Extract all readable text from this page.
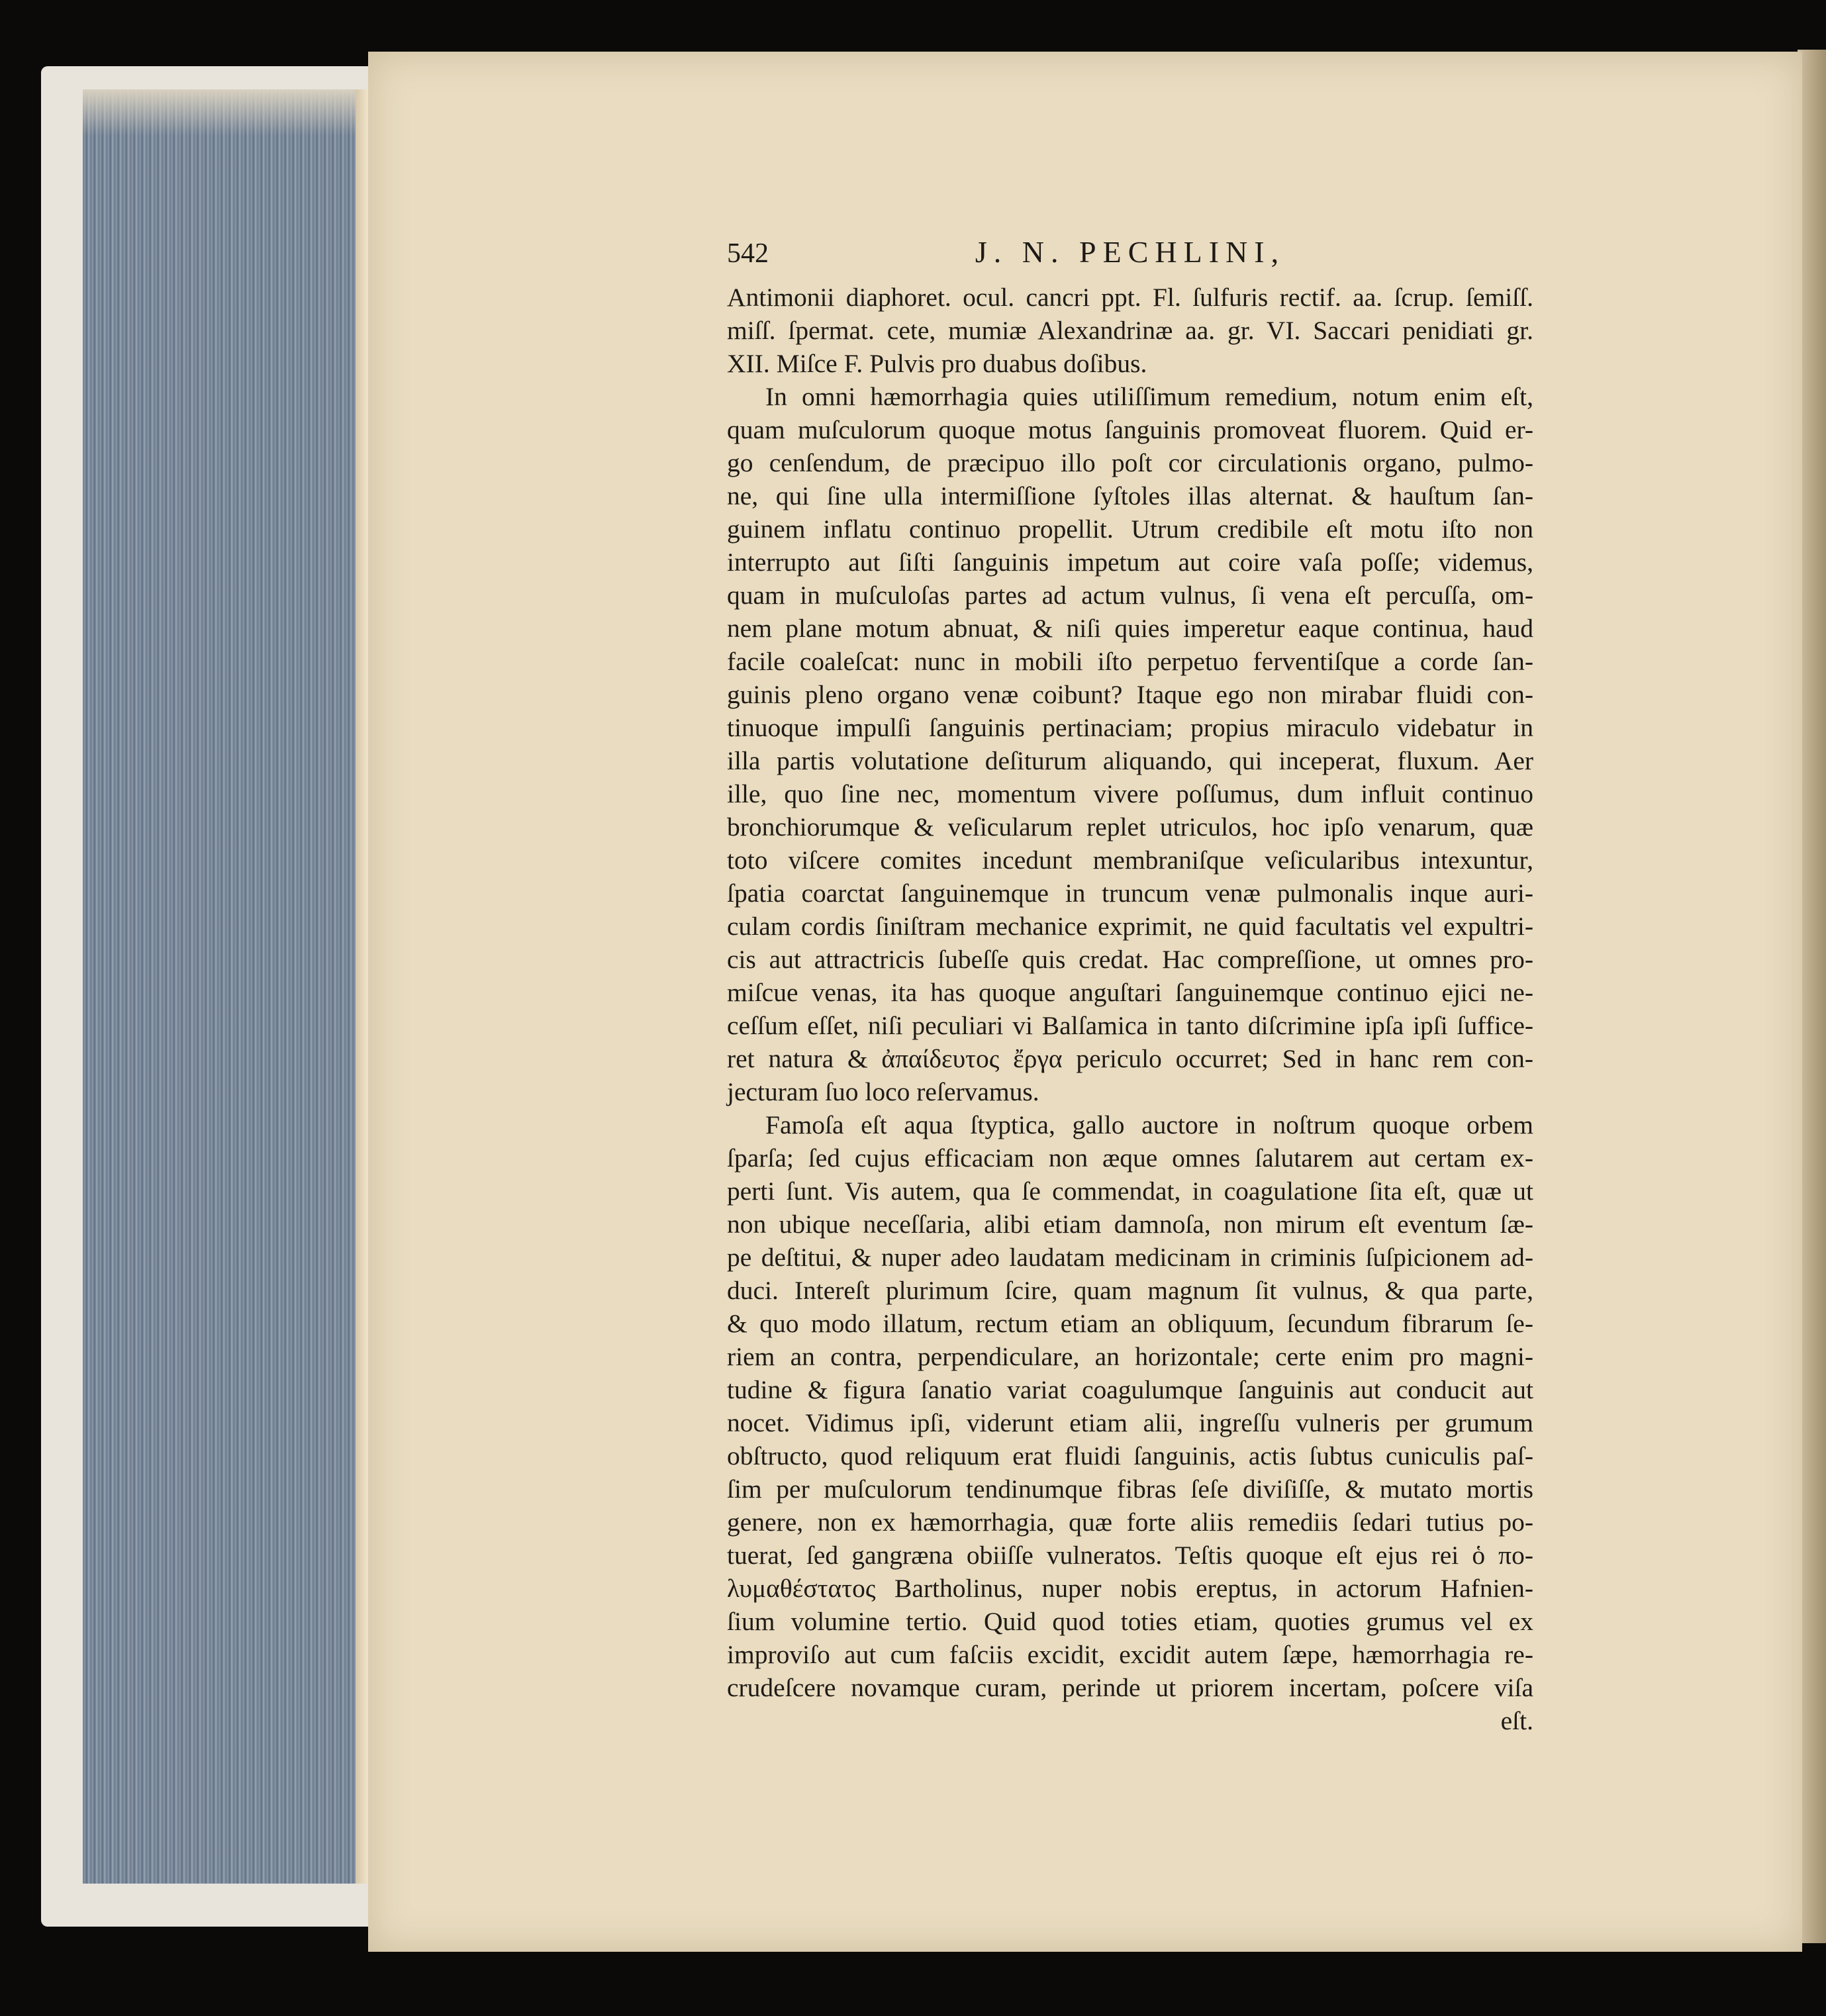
542	J. N. PECHLINI,
Antimonii diaphoret. ocul. cancri ppt. Fl. ſulfuris rectif. aa. ſcrup. ſemiſſ.
miſſ. ſpermat. cete, mumiæ Alexandrinæ aa. gr. VI. Saccari penidiati gr.
XII. Miſce F. Pulvis pro duabus doſibus.
In omni hæmorrhagia quies utiliſſimum remedium, notum enim eſt,
quam muſculorum quoque motus ſanguinis promoveat fluorem. Quid er-
go cenſendum, de præcipuo illo poſt cor circulationis organo, pulmo-
ne, qui ſine ulla intermiſſione ſyſtoles illas alternat. & hauſtum ſan-
guinem inflatu continuo propellit. Utrum credibile eſt motu iſto non
interrupto aut ſiſti ſanguinis impetum aut coire vaſa poſſe; videmus,
quam in muſculoſas partes ad actum vulnus, ſi vena eſt percuſſa, om-
nem plane motum abnuat, & niſi quies imperetur eaque continua, haud
facile coaleſcat: nunc in mobili iſto perpetuo ferventiſque a corde ſan-
guinis pleno organo venæ coibunt? Itaque ego non mirabar fluidi con-
tinuoque impulſi ſanguinis pertinaciam; propius miraculo videbatur in
illa partis volutatione deſiturum aliquando, qui inceperat, fluxum. Aer
ille, quo ſine nec, momentum vivere poſſumus, dum influit continuo
bronchiorumque & veſicularum replet utriculos, hoc ipſo venarum, quæ
toto viſcere comites incedunt membraniſque veſicularibus intexuntur,
ſpatia coarctat ſanguinemque in truncum venæ pulmonalis inque auri-
culam cordis ſiniſtram mechanice exprimit, ne quid facultatis vel expultri-
cis aut attractricis ſubeſſe quis credat. Hac compreſſione, ut omnes pro-
miſcue venas, ita has quoque anguſtari ſanguinemque continuo ejici ne-
ceſſum eſſet, niſi peculiari vi Balſamica in tanto diſcrimine ipſa ipſi ſuffice-
ret natura & ἀπαίδευτος ἔργα periculo occurret; Sed in hanc rem con-
jecturam ſuo loco reſervamus.
Famoſa eſt aqua ſtyptica, gallo auctore in noſtrum quoque orbem
ſparſa; ſed cujus efficaciam non æque omnes ſalutarem aut certam ex-
perti ſunt. Vis autem, qua ſe commendat, in coagulatione ſita eſt, quæ ut
non ubique neceſſaria, alibi etiam damnoſa, non mirum eſt eventum ſæ-
pe deſtitui, & nuper adeo laudatam medicinam in criminis ſuſpicionem ad-
duci. Intereſt plurimum ſcire, quam magnum ſit vulnus, & qua parte,
& quo modo illatum, rectum etiam an obliquum, ſecundum fibrarum ſe-
riem an contra, perpendiculare, an horizontale; certe enim pro magni-
tudine & figura ſanatio variat coagulumque ſanguinis aut conducit aut
nocet. Vidimus ipſi, viderunt etiam alii, ingreſſu vulneris per grumum
obſtructo, quod reliquum erat fluidi ſanguinis, actis ſubtus cuniculis paſ-
ſim per muſculorum tendinumque fibras ſeſe diviſiſſe, & mutato mortis
genere, non ex hæmorrhagia, quæ forte aliis remediis ſedari tutius po-
tuerat, ſed gangræna obiiſſe vulneratos. Teſtis quoque eſt ejus rei ὁ πο-
λυμαθέστατος Bartholinus, nuper nobis ereptus, in actorum Hafnien-
ſium volumine tertio. Quid quod toties etiam, quoties grumus vel ex
improviſo aut cum faſciis excidit, excidit autem ſæpe, hæmorrhagia re-
crudeſcere novamque curam, perinde ut priorem incertam, poſcere viſa
eſt.
